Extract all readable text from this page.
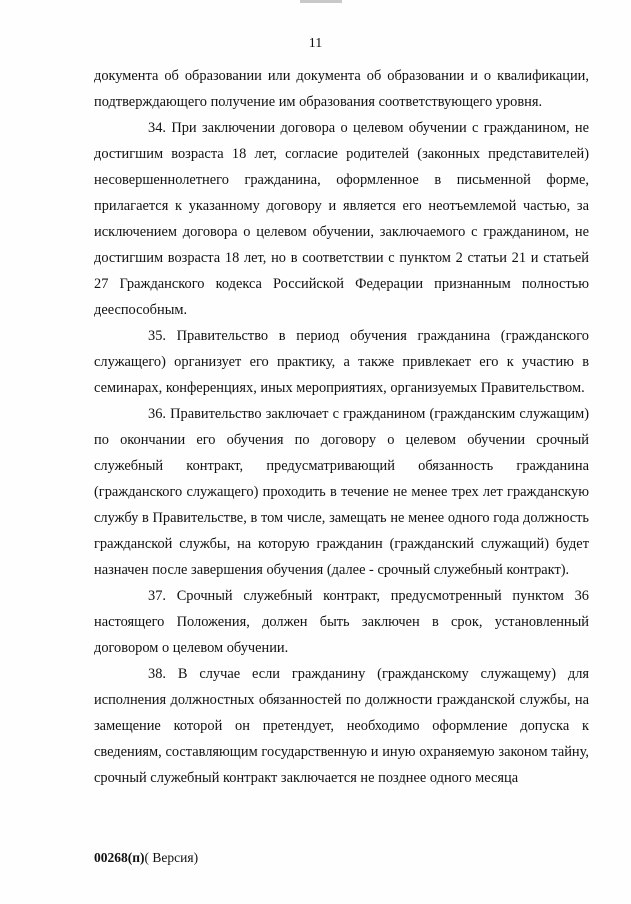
11

документа об образовании или документа об образовании и о квалификации, подтверждающего получение им образования соответствующего уровня.

34. При заключении договора о целевом обучении с гражданином, не достигшим возраста 18 лет, согласие родителей (законных представителей) несовершеннолетнего гражданина, оформленное в письменной форме, прилагается к указанному договору и является его неотъемлемой частью, за исключением договора о целевом обучении, заключаемого с гражданином, не достигшим возраста 18 лет, но в соответствии с пунктом 2 статьи 21 и статьей 27 Гражданского кодекса Российской Федерации признанным полностью дееспособным.

35. Правительство в период обучения гражданина (гражданского служащего) организует его практику, а также привлекает его к участию в семинарах, конференциях, иных мероприятиях, организуемых Правительством.

36. Правительство заключает с гражданином (гражданским служащим) по окончании его обучения по договору о целевом обучении срочный служебный контракт, предусматривающий обязанность гражданина (гражданского служащего) проходить в течение не менее трех лет гражданскую службу в Правительстве, в том числе, замещать не менее одного года должность гражданской службы, на которую гражданин (гражданский служащий) будет назначен после завершения обучения (далее - срочный служебный контракт).

37. Срочный служебный контракт, предусмотренный пунктом 36 настоящего Положения, должен быть заключен в срок, установленный договором о целевом обучении.

38. В случае если гражданину (гражданскому служащему) для исполнения должностных обязанностей по должности гражданской службы, на замещение которой он претендует, необходимо оформление допуска к сведениям, составляющим государственную и иную охраняемую законом тайну, срочный служебный контракт заключается не позднее одного месяца

00268(п)( Версия)
